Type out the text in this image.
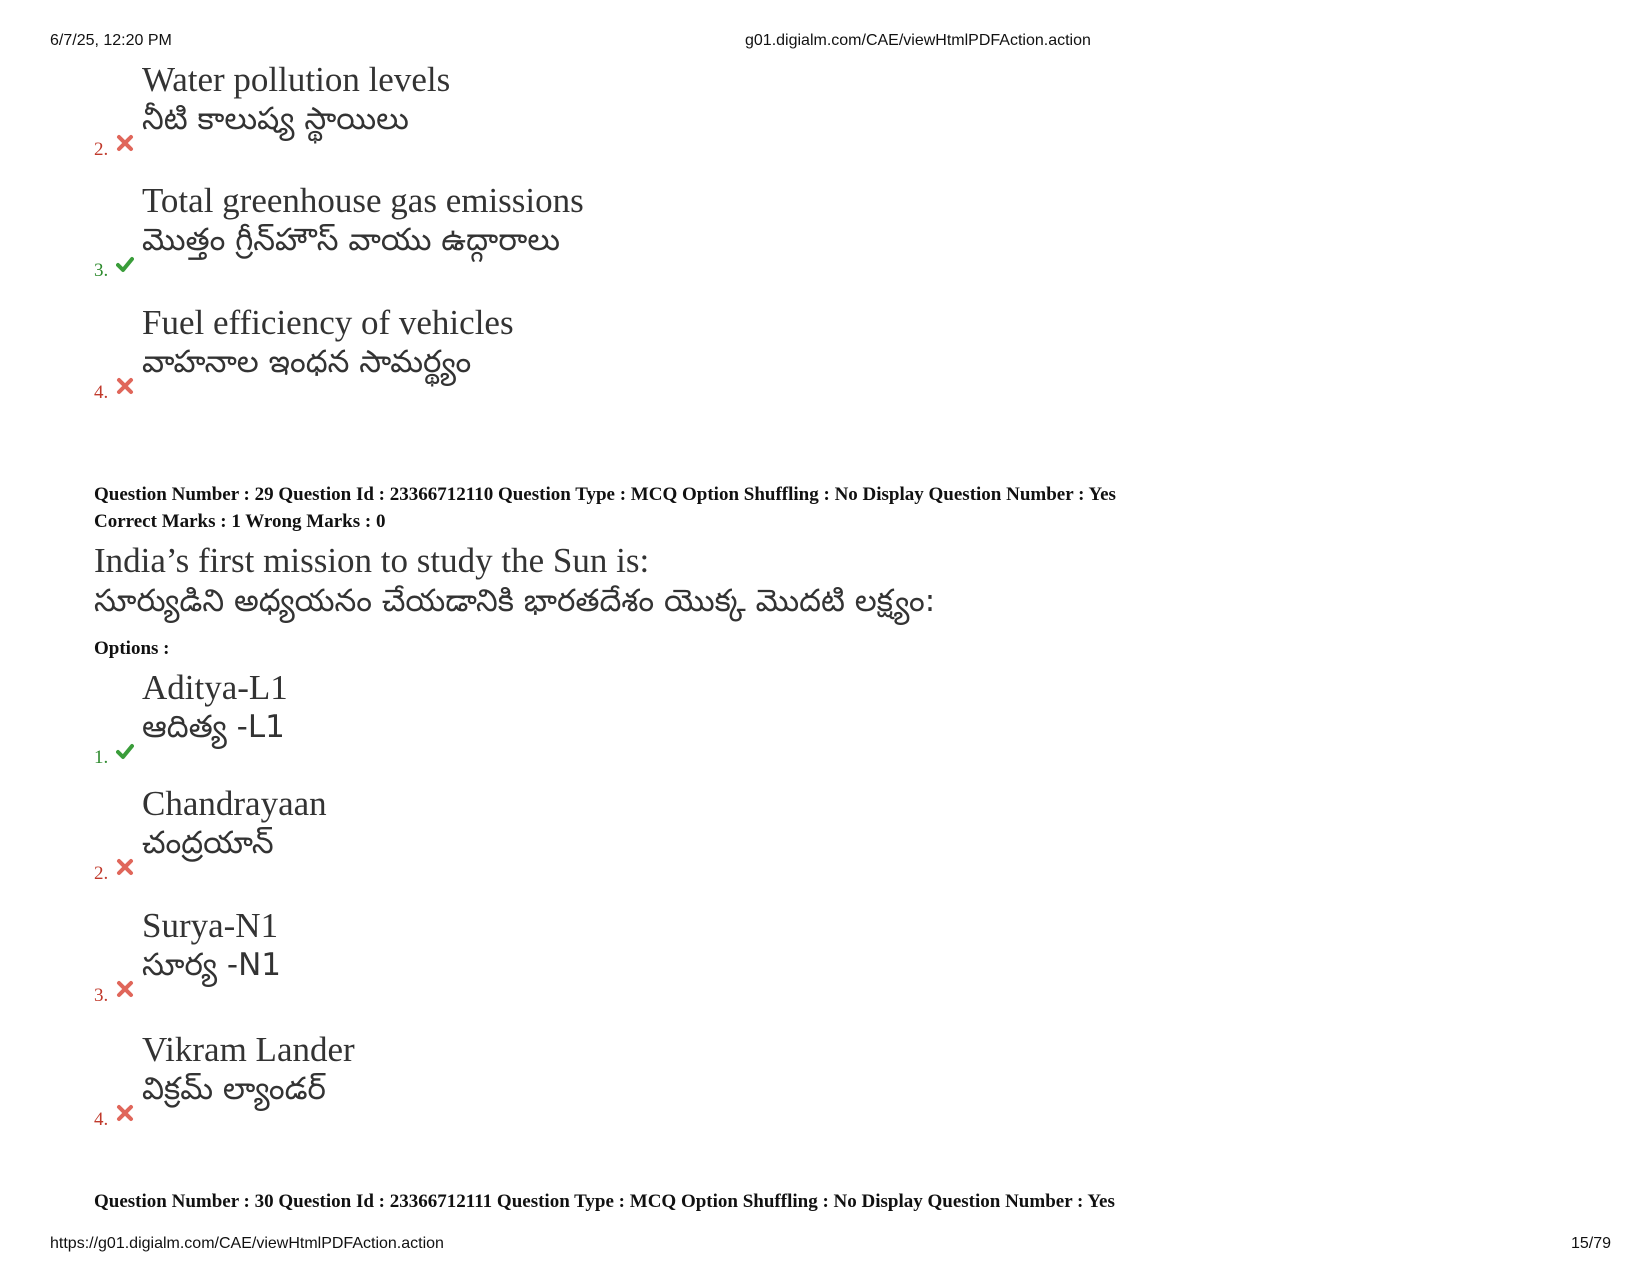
6/7/25, 12:20 PM	g01.digialm.com/CAE/viewHtmlPDFAction.action
Water pollution levels
నీటి కాలుష్య స్థాయిలు
2.
Total greenhouse gas emissions
మొత్తం గ్రీన్‌హౌస్ వాయు ఉద్గారాలు
3.
Fuel efficiency of vehicles
వాహనాల ఇంధన సామర్థ్యం
4.
Question Number : 29 Question Id : 23366712110 Question Type : MCQ Option Shuffling : No Display Question Number : Yes
Correct Marks : 1 Wrong Marks : 0
India’s first mission to study the Sun is:
సూర్యుడిని అధ్యయనం చేయడానికి భారతదేశం యొక్క మొదటి లక్ష్యం:
Options :
Aditya-L1
ఆదిత్య -L1
1.
Chandrayaan
చంద్రయాన్
2.
Surya-N1
సూర్య -N1
3.
Vikram Lander
విక్రమ్ ల్యాండర్
4.
Question Number : 30 Question Id : 23366712111 Question Type : MCQ Option Shuffling : No Display Question Number : Yes
https://g01.digialm.com/CAE/viewHtmlPDFAction.action	15/79
